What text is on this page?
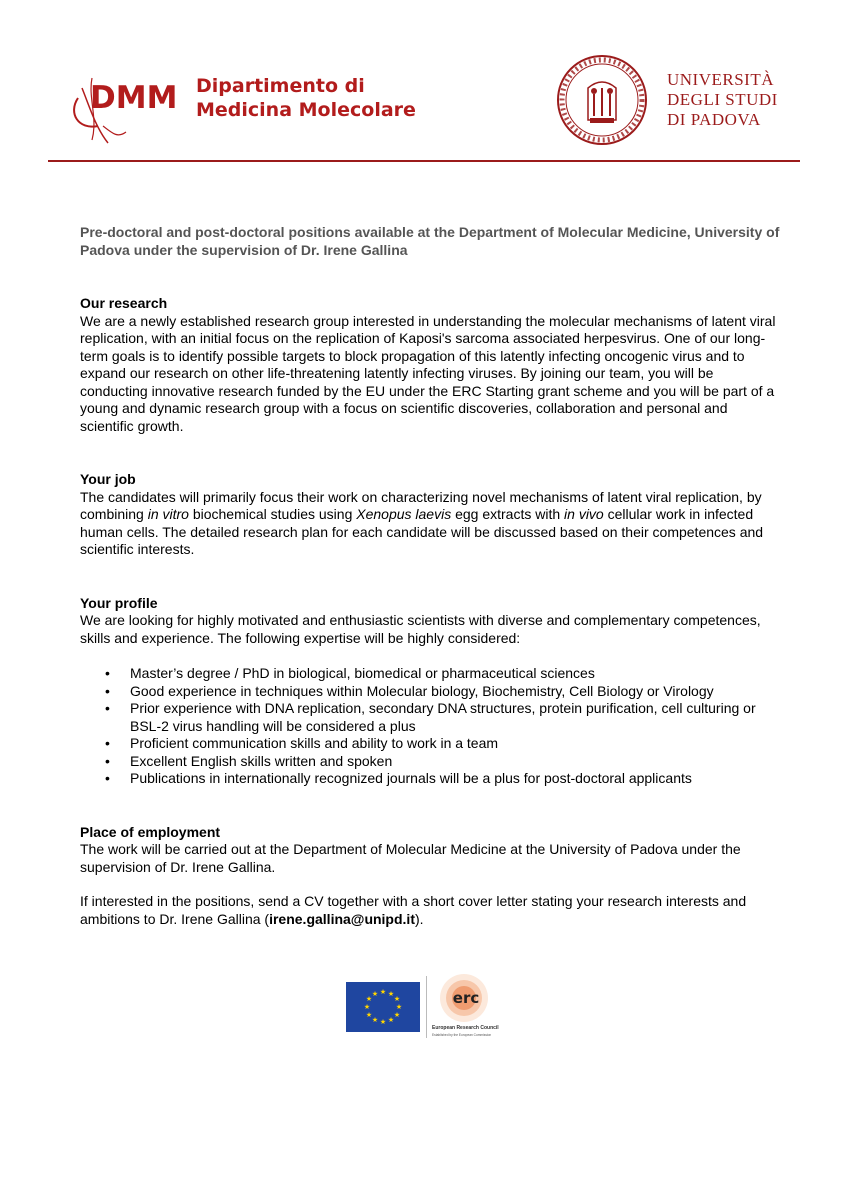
DMM Dipartimento di
Medicina Molecolare
UNIVERSITÀ
DEGLI STUDI
DI PADOVA

Pre-doctoral and post-doctoral positions available at the Department of Molecular Medicine, University of Padova under the supervision of Dr. Irene Gallina

Our research

We are a newly established research group interested in understanding the molecular mechanisms of latent viral replication, with an initial focus on the replication of Kaposi's sarcoma associated herpesvirus. One of our long-term goals is to identify possible targets to block propagation of this latently infecting oncogenic virus and to expand our research on other life-threatening latently infecting viruses. By joining our team, you will be conducting innovative research funded by the EU under the ERC Starting grant scheme and you will be part of a young and dynamic research group with a focus on scientific discoveries, collaboration and personal and scientific growth.

Your job

The candidates will primarily focus their work on characterizing novel mechanisms of latent viral replication, by combining in vitro biochemical studies using Xenopus laevis egg extracts with in vivo cellular work in infected human cells. The detailed research plan for each candidate will be discussed based on their competences and scientific interests.

Your profile

We are looking for highly motivated and enthusiastic scientists with diverse and complementary competences, skills and experience. The following expertise will be highly considered:

• Master’s degree / PhD in biological, biomedical or pharmaceutical sciences
• Good experience in techniques within Molecular biology, Biochemistry, Cell Biology or Virology
• Prior experience with DNA replication, secondary DNA structures, protein purification, cell culturing or BSL-2 virus handling will be considered a plus
• Proficient communication skills and ability to work in a team
• Excellent English skills written and spoken
• Publications in internationally recognized journals will be a plus for post-doctoral applicants

Place of employment

The work will be carried out at the Department of Molecular Medicine at the University of Padova under the supervision of Dr. Irene Gallina.

If interested in the positions, send a CV together with a short cover letter stating your research interests and ambitions to Dr. Irene Gallina (irene.gallina@unipd.it).

★ ★
★
★
★
★
★
★
★
★
★
★	erc
European Research Council
Established by the European Commission
